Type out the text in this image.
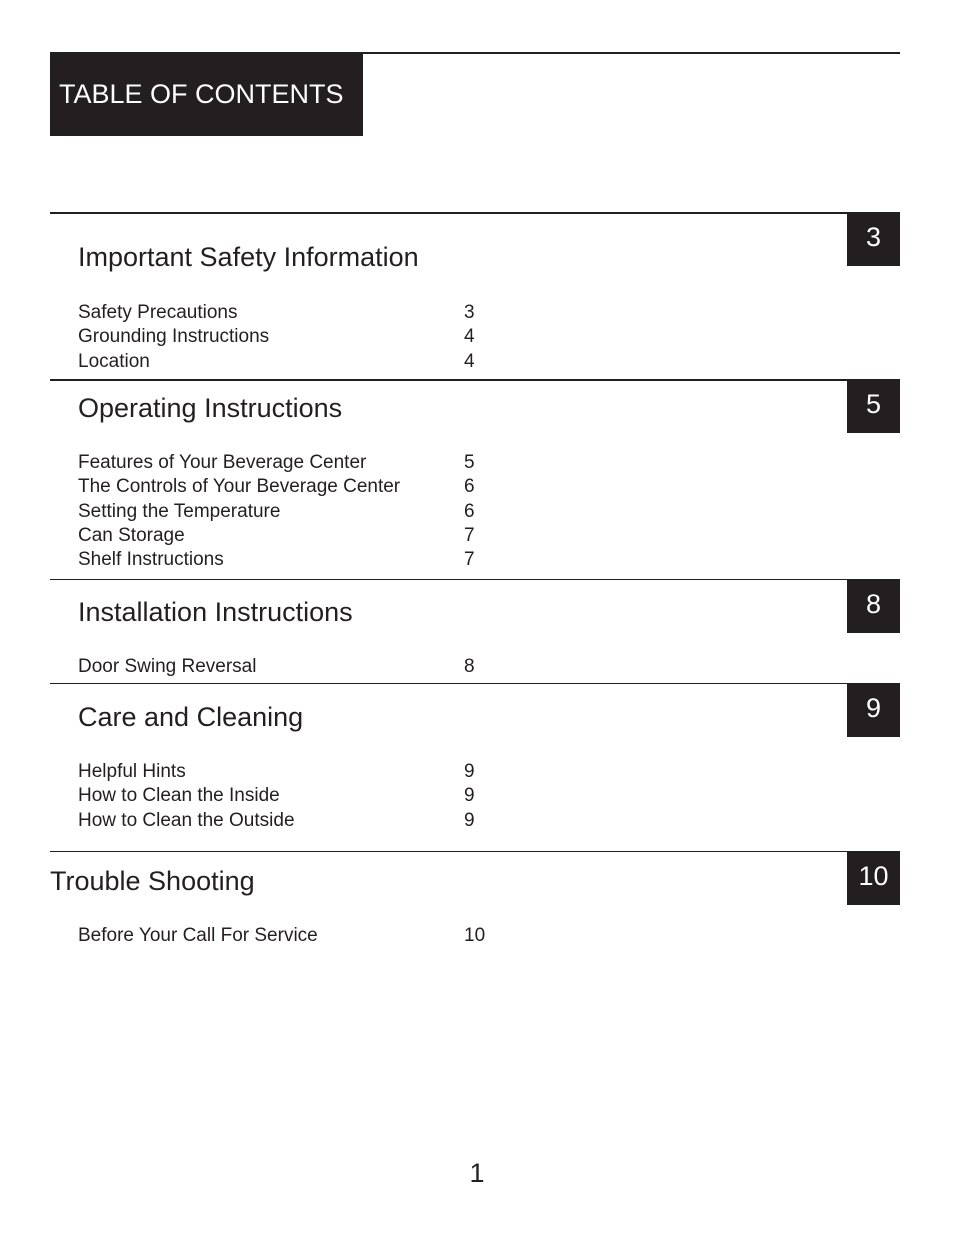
TABLE OF CONTENTS
3
Important Safety Information
Safety Precautions	3
Grounding Instructions	4
Location	4
5
Operating Instructions
Features of Your Beverage Center	5
The Controls of Your Beverage Center	6
Setting the Temperature	6
Can Storage	7
Shelf Instructions	7
8
Installation Instructions
Door Swing Reversal	8
9
Care and Cleaning
Helpful Hints	9
How to Clean the Inside	9
How to Clean the Outside	9
10
Trouble Shooting
Before Your Call For Service	10
1
